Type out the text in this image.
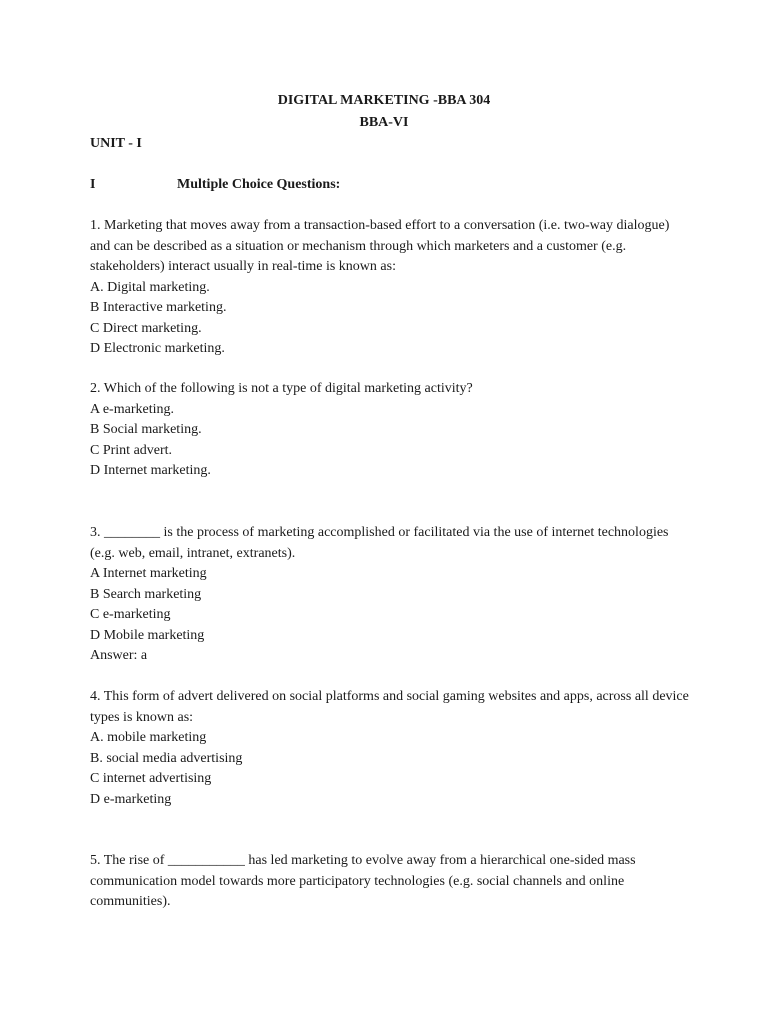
DIGITAL MARKETING -BBA 304
BBA-VI
UNIT - I
I	Multiple Choice Questions:

1. Marketing that moves away from a transaction-based effort to a conversation (i.e. two-way dialogue) and can be described as a situation or mechanism through which marketers and a customer (e.g. stakeholders) interact usually in real-time is known as:

A. Digital marketing.

B Interactive marketing.

C Direct marketing.

D Electronic marketing.

2. Which of the following is not a type of digital marketing activity?

A e-marketing.

B Social marketing.

C Print advert.

D Internet marketing.

3. ________ is the process of marketing accomplished or facilitated via the use of internet technologies (e.g. web, email, intranet, extranets).

A Internet marketing

B Search marketing

C e-marketing

D Mobile marketing

Answer: a

4. This form of advert delivered on social platforms and social gaming websites and apps, across all device types is known as:

A. mobile marketing

B. social media advertising

C internet advertising

D e-marketing

5. The rise of ___________ has led marketing to evolve away from a hierarchical one-sided mass communication model towards more participatory technologies (e.g. social channels and online communities).
